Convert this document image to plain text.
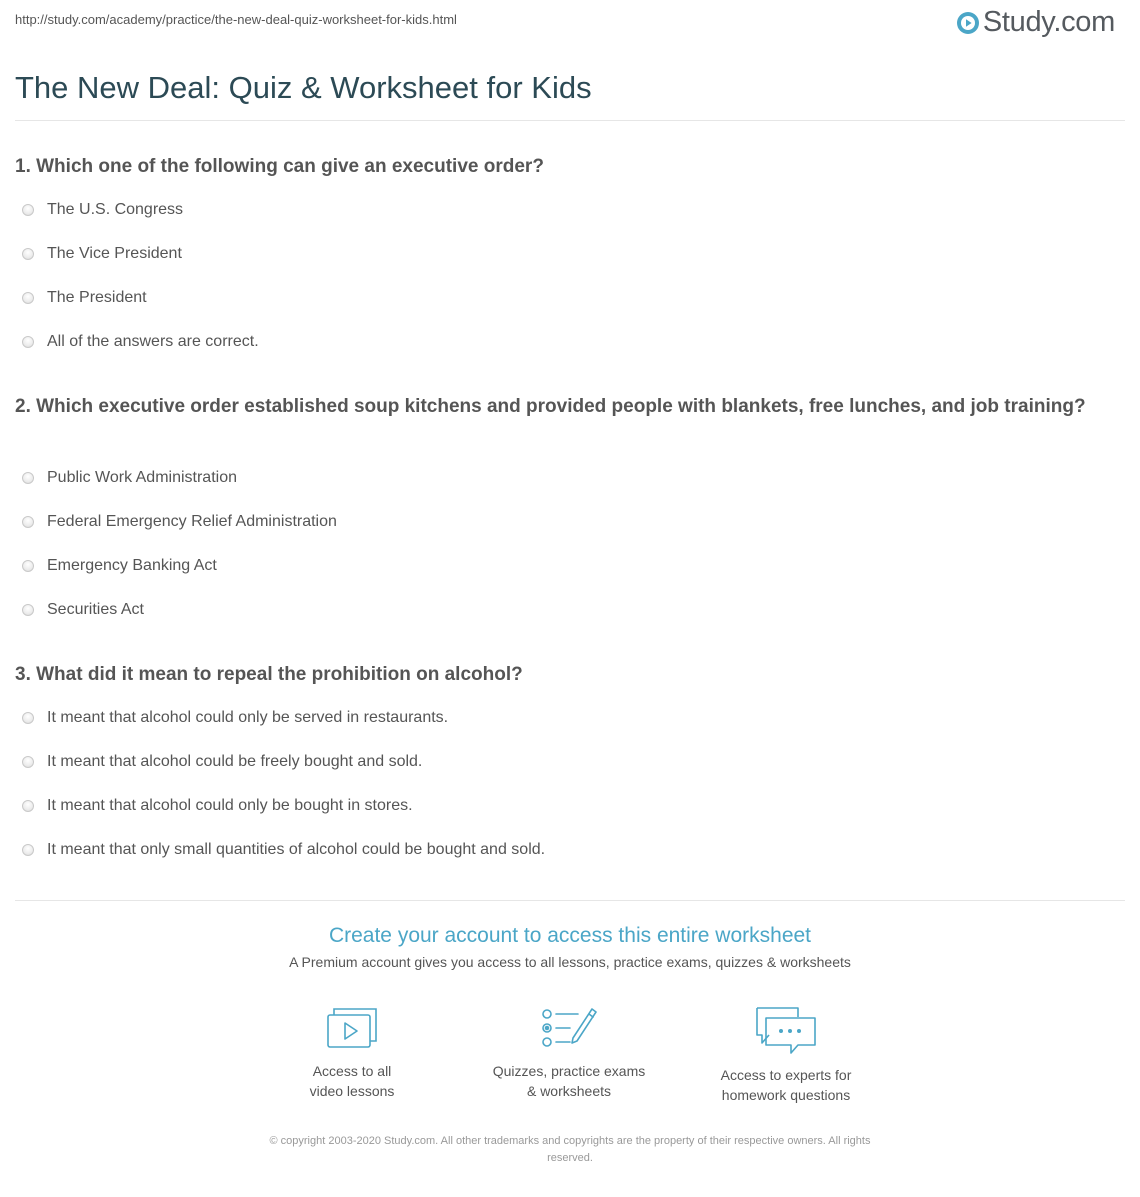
http://study.com/academy/practice/the-new-deal-quiz-worksheet-for-kids.html	Study.com
The New Deal: Quiz & Worksheet for Kids
1. Which one of the following can give an executive order?
The U.S. Congress
The Vice President
The President
All of the answers are correct.
2. Which executive order established soup kitchens and provided people with blankets, free lunches, and job training?
Public Work Administration
Federal Emergency Relief Administration
Emergency Banking Act
Securities Act
3. What did it mean to repeal the prohibition on alcohol?
It meant that alcohol could only be served in restaurants.
It meant that alcohol could be freely bought and sold.
It meant that alcohol could only be bought in stores.
It meant that only small quantities of alcohol could be bought and sold.
Create your account to access this entire worksheet
A Premium account gives you access to all lessons, practice exams, quizzes & worksheets
Access to all
video lessons
Quizzes, practice exams
& worksheets
Access to experts for
homework questions
© copyright 2003-2020 Study.com. All other trademarks and copyrights are the property of their respective owners. All rights
reserved.
